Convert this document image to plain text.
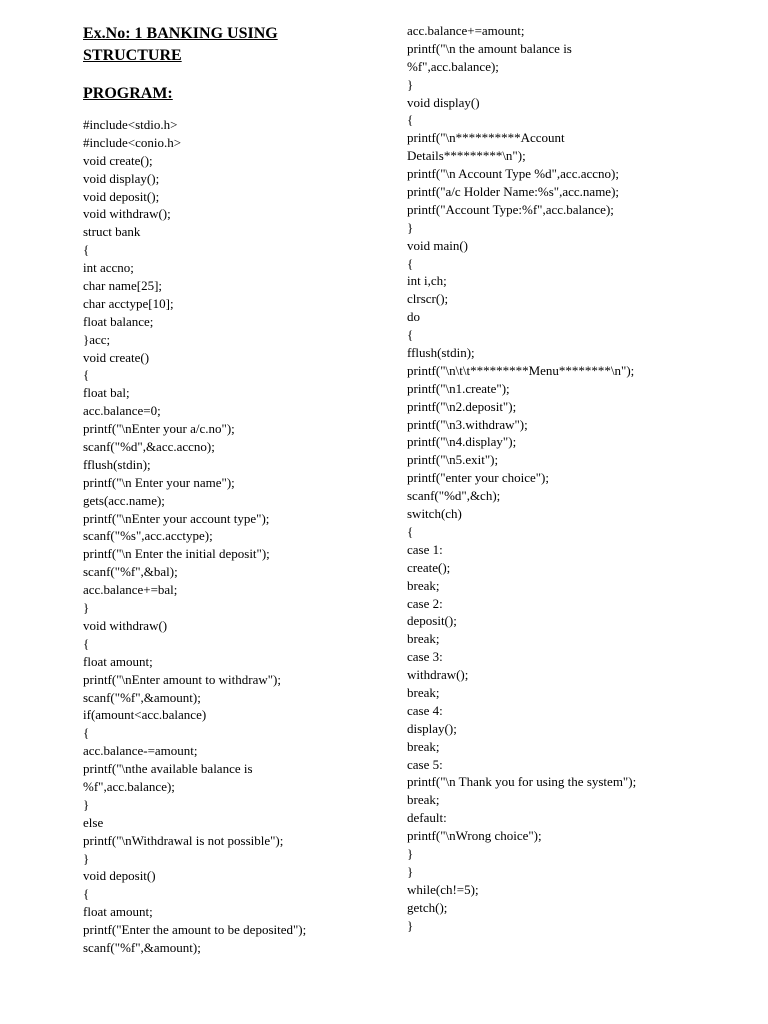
Ex.No: 1 BANKING USING
STRUCTURE
PROGRAM:
#include<stdio.h>
#include<conio.h>
void create();
void display();
void deposit();
void withdraw();
struct bank
{
int accno;
char name[25];
char acctype[10];
float balance;
}acc;
void create()
{
float bal;
acc.balance=0;
printf("\nEnter your a/c.no");
scanf("%d",&acc.accno);
fflush(stdin);
printf("\n Enter your name");
gets(acc.name);
printf("\nEnter your account type");
scanf("%s",acc.acctype);
printf("\n Enter the initial deposit");
scanf("%f",&bal);
acc.balance+=bal;
}
void withdraw()
{
float amount;
printf("\nEnter amount to withdraw");
scanf("%f",&amount);
if(amount<acc.balance)
{
acc.balance-=amount;
printf("\nthe available balance is
%f",acc.balance);
}
else
printf("\nWithdrawal is not possible");
}
void deposit()
{
float amount;
printf("Enter the amount to be deposited");
scanf("%f",&amount);
acc.balance+=amount;
printf("\n the amount balance is
%f",acc.balance);
}
void display()
{
printf("\n**********Account
Details*********\n");
printf("\n Account Type %d",acc.accno);
printf("a/c Holder Name:%s",acc.name);
printf("Account Type:%f",acc.balance);
}
void main()
{
int i,ch;
clrscr();
do
{
fflush(stdin);
printf("\n\t\t*********Menu********\n");
printf("\n1.create");
printf("\n2.deposit");
printf("\n3.withdraw");
printf("\n4.display");
printf("\n5.exit");
printf("enter your choice");
scanf("%d",&ch);
switch(ch)
{
case 1:
create();
break;
case 2:
deposit();
break;
case 3:
withdraw();
break;
case 4:
display();
break;
case 5:
printf("\n Thank you for using the system");
break;
default:
printf("\nWrong choice");
}
}
while(ch!=5);
getch();
}
